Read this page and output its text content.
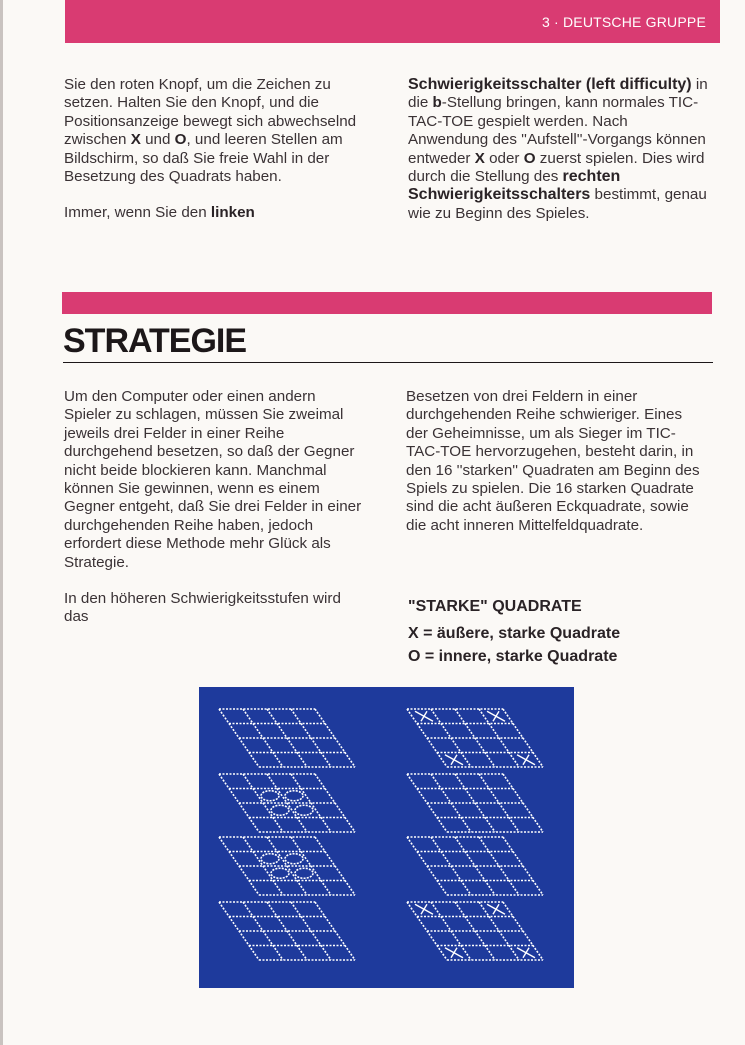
3 · DEUTSCHE GRUPPE

Sie den roten Knopf, um die Zeichen zu setzen. Halten Sie den Knopf, und die Positionsanzeige bewegt sich abwechselnd zwischen X und O, und leeren Stellen am Bildschirm, so daß Sie freie Wahl in der Besetzung des Quadrats haben.

Immer, wenn Sie den linken

Schwierigkeitsschalter (left difficulty) in die b-Stellung bringen, kann normales TIC-TAC-TOE gespielt werden. Nach Anwendung des ''Aufstell''-Vorgangs können entweder X oder O zuerst spielen. Dies wird durch die Stellung des rechten Schwierigkeitsschalters bestimmt, genau wie zu Beginn des Spieles.

STRATEGIE

Um den Computer oder einen andern Spieler zu schlagen, müssen Sie zweimal jeweils drei Felder in einer Reihe durchgehend besetzen, so daß der Gegner nicht beide blockieren kann. Manchmal können Sie gewinnen, wenn es einem Gegner entgeht, daß Sie drei Felder in einer durchgehenden Reihe haben, jedoch erfordert diese Methode mehr Glück als Strategie.

In den höheren Schwierigkeitsstufen wird das

Besetzen von drei Feldern in einer durchgehenden Reihe schwieriger. Eines der Geheimnisse, um als Sieger im TIC-TAC-TOE hervorzugehen, besteht darin, in den 16 ''starken'' Quadraten am Beginn des Spiels zu spielen. Die 16 starken Quadrate sind die acht äußeren Eckquadrate, sowie die acht inneren Mittelfeldquadrate.

"STARKE" QUADRATE
X = äußere, starke Quadrate
O = innere, starke Quadrate
